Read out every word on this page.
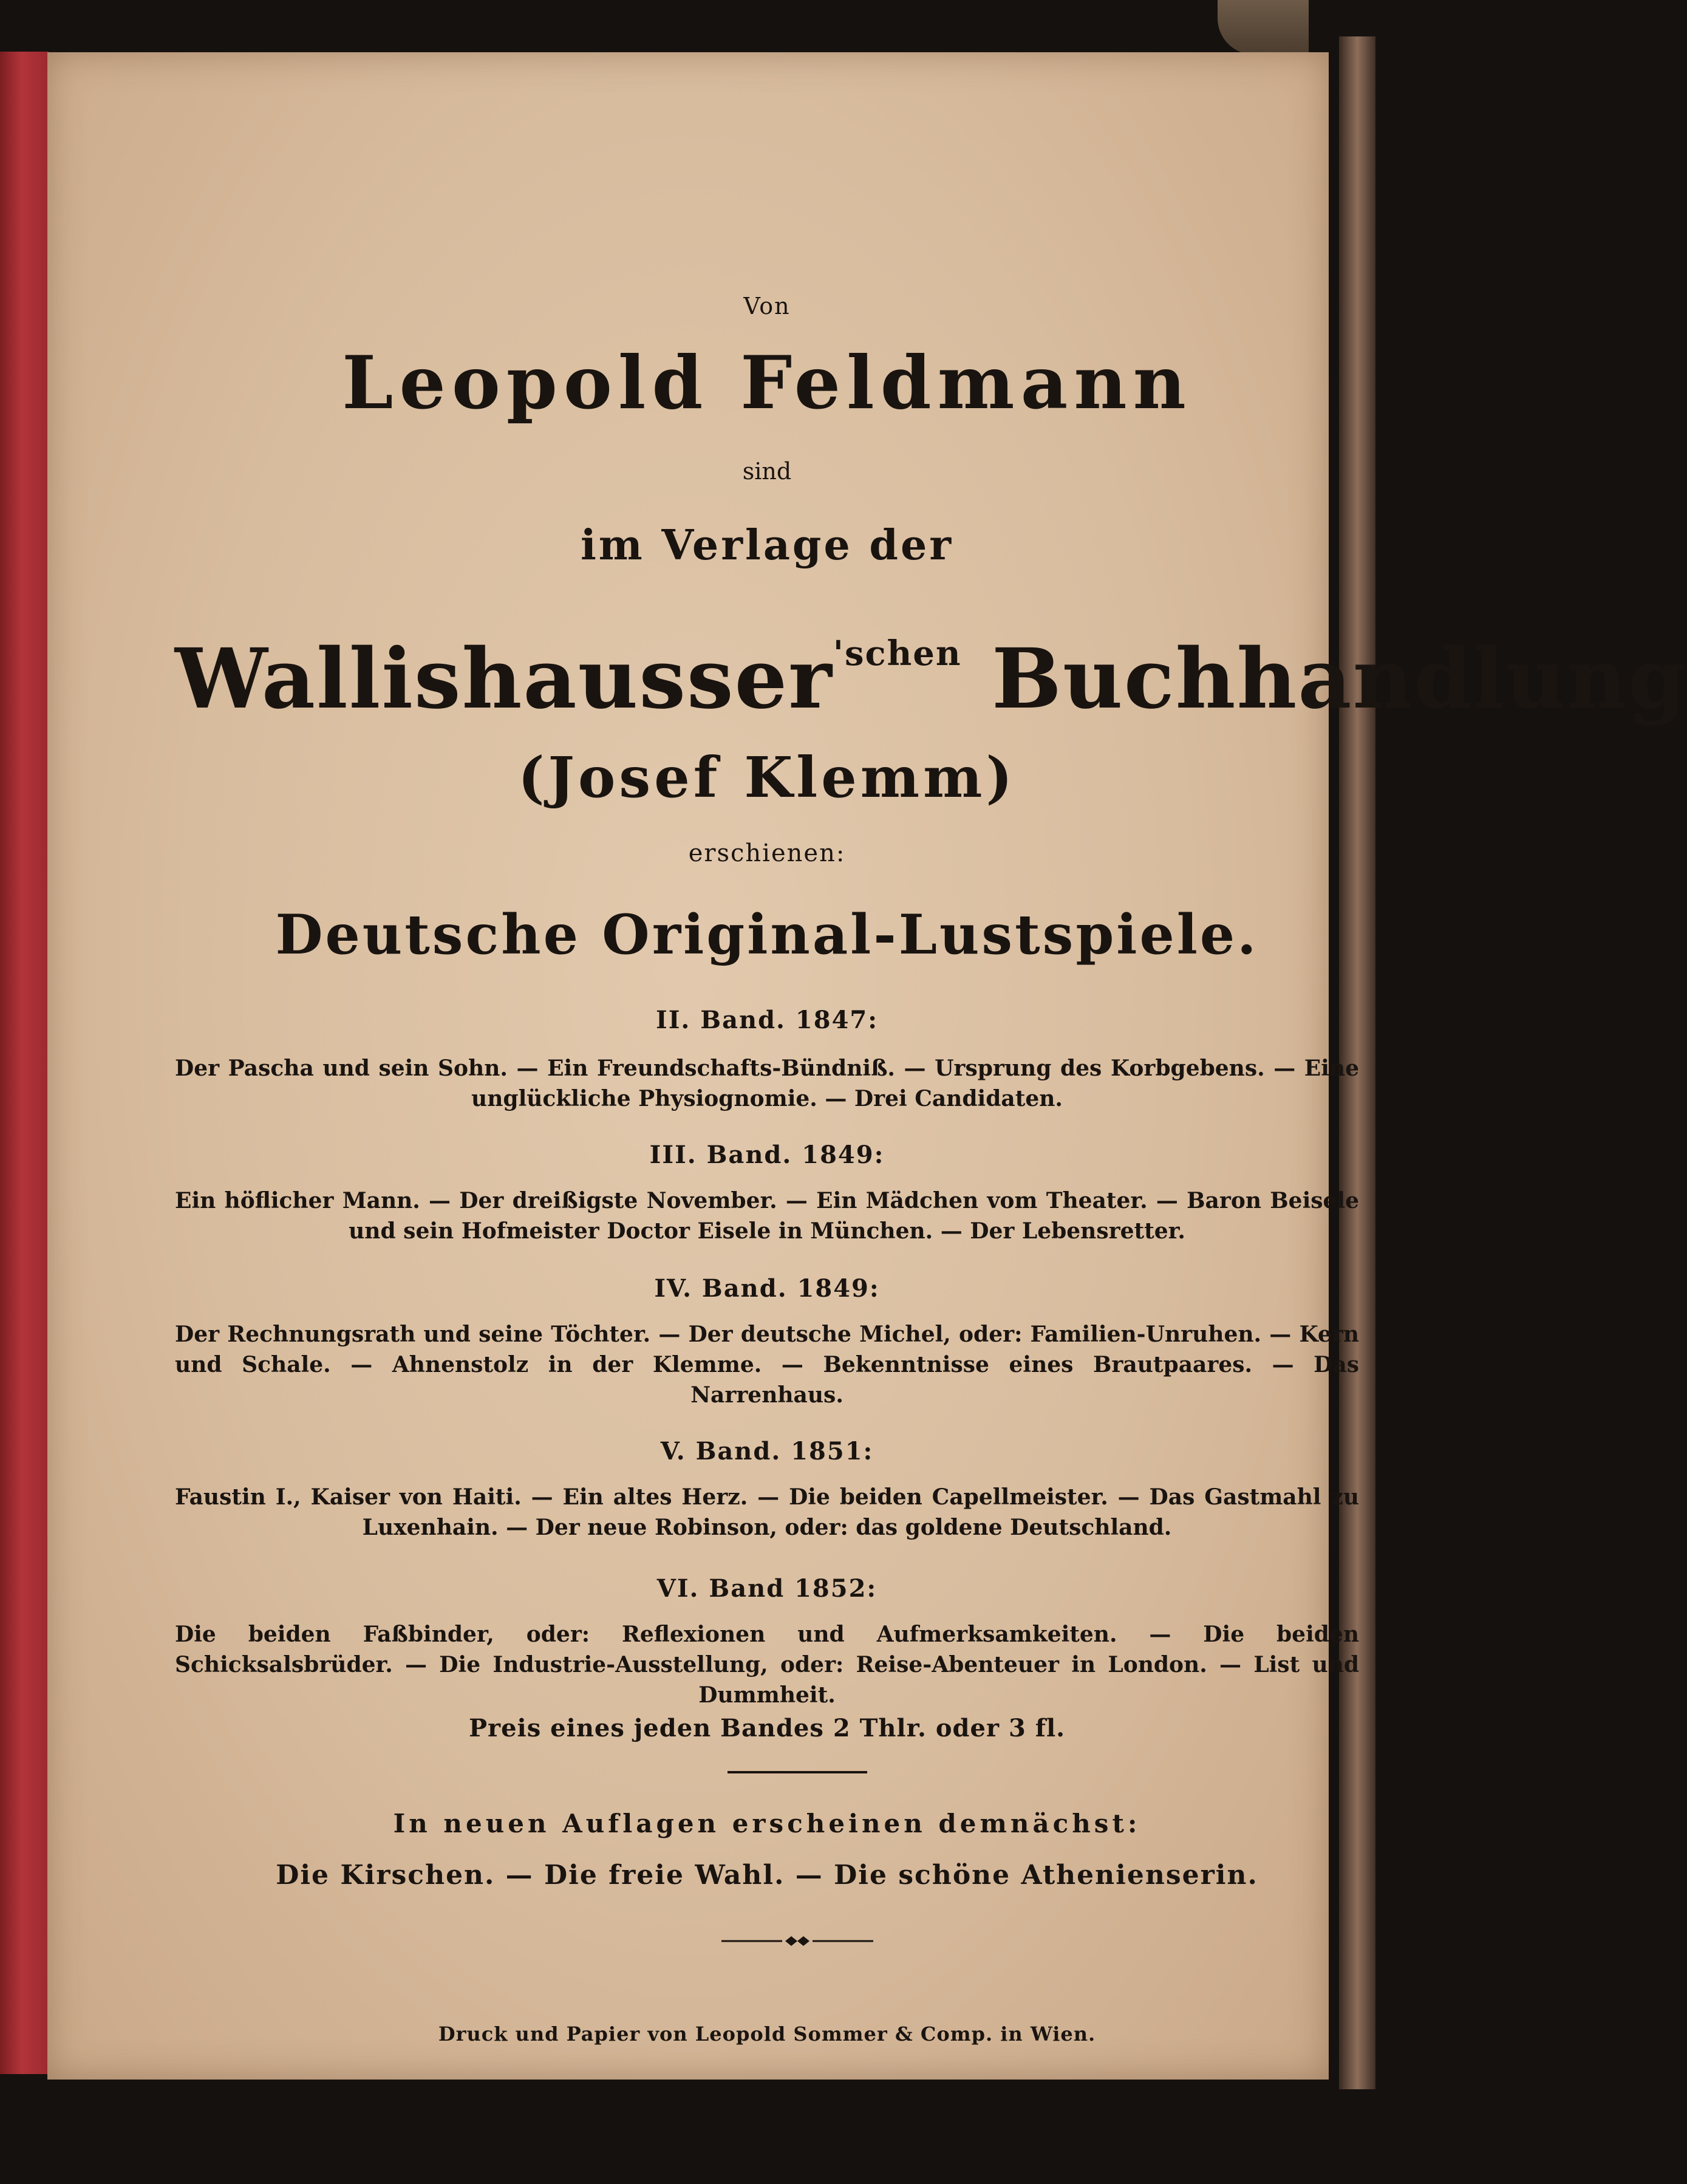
Von
Leopold Feldmann
sind
im Verlage der
Wallishausser$^{'schen}$ Buchhandlung
(Josef Klemm)
erschienen:
Deutsche Original-Lustspiele.
II. Band. 1847:
Der Pascha und sein Sohn. — Ein Freundschafts-Bündniß. — Ursprung des Korbgebens. — Eine unglückliche Physiognomie. — Drei Candidaten.
III. Band. 1849:
Ein höflicher Mann. — Der dreißigste November. — Ein Mädchen vom Theater. — Baron Beisele und sein Hofmeister Doctor Eisele in München. — Der Lebensretter.
IV. Band. 1849:
Der Rechnungsrath und seine Töchter. — Der deutsche Michel, oder: Familien-Unruhen. — Kern und Schale. — Ahnenstolz in der Klemme. — Bekenntnisse eines Brautpaares. — Das Narrenhaus.
V. Band. 1851:
Faustin I., Kaiser von Haiti. — Ein altes Herz. — Die beiden Capellmeister. — Das Gastmahl zu Luxenhain. — Der neue Robinson, oder: das goldene Deutschland.
VI. Band 1852:
Die beiden Faßbinder, oder: Reflexionen und Aufmerksamkeiten. — Die beiden Schicksalsbrüder. — Die Industrie-Ausstellung, oder: Reise-Abenteuer in London. — List und Dummheit.
Preis eines jeden Bandes 2 Thlr. oder 3 fl.
In neuen Auflagen erscheinen demnächst:
Die Kirschen. — Die freie Wahl. — Die schöne Athenienserin.
Druck und Papier von Leopold Sommer & Comp. in Wien.
